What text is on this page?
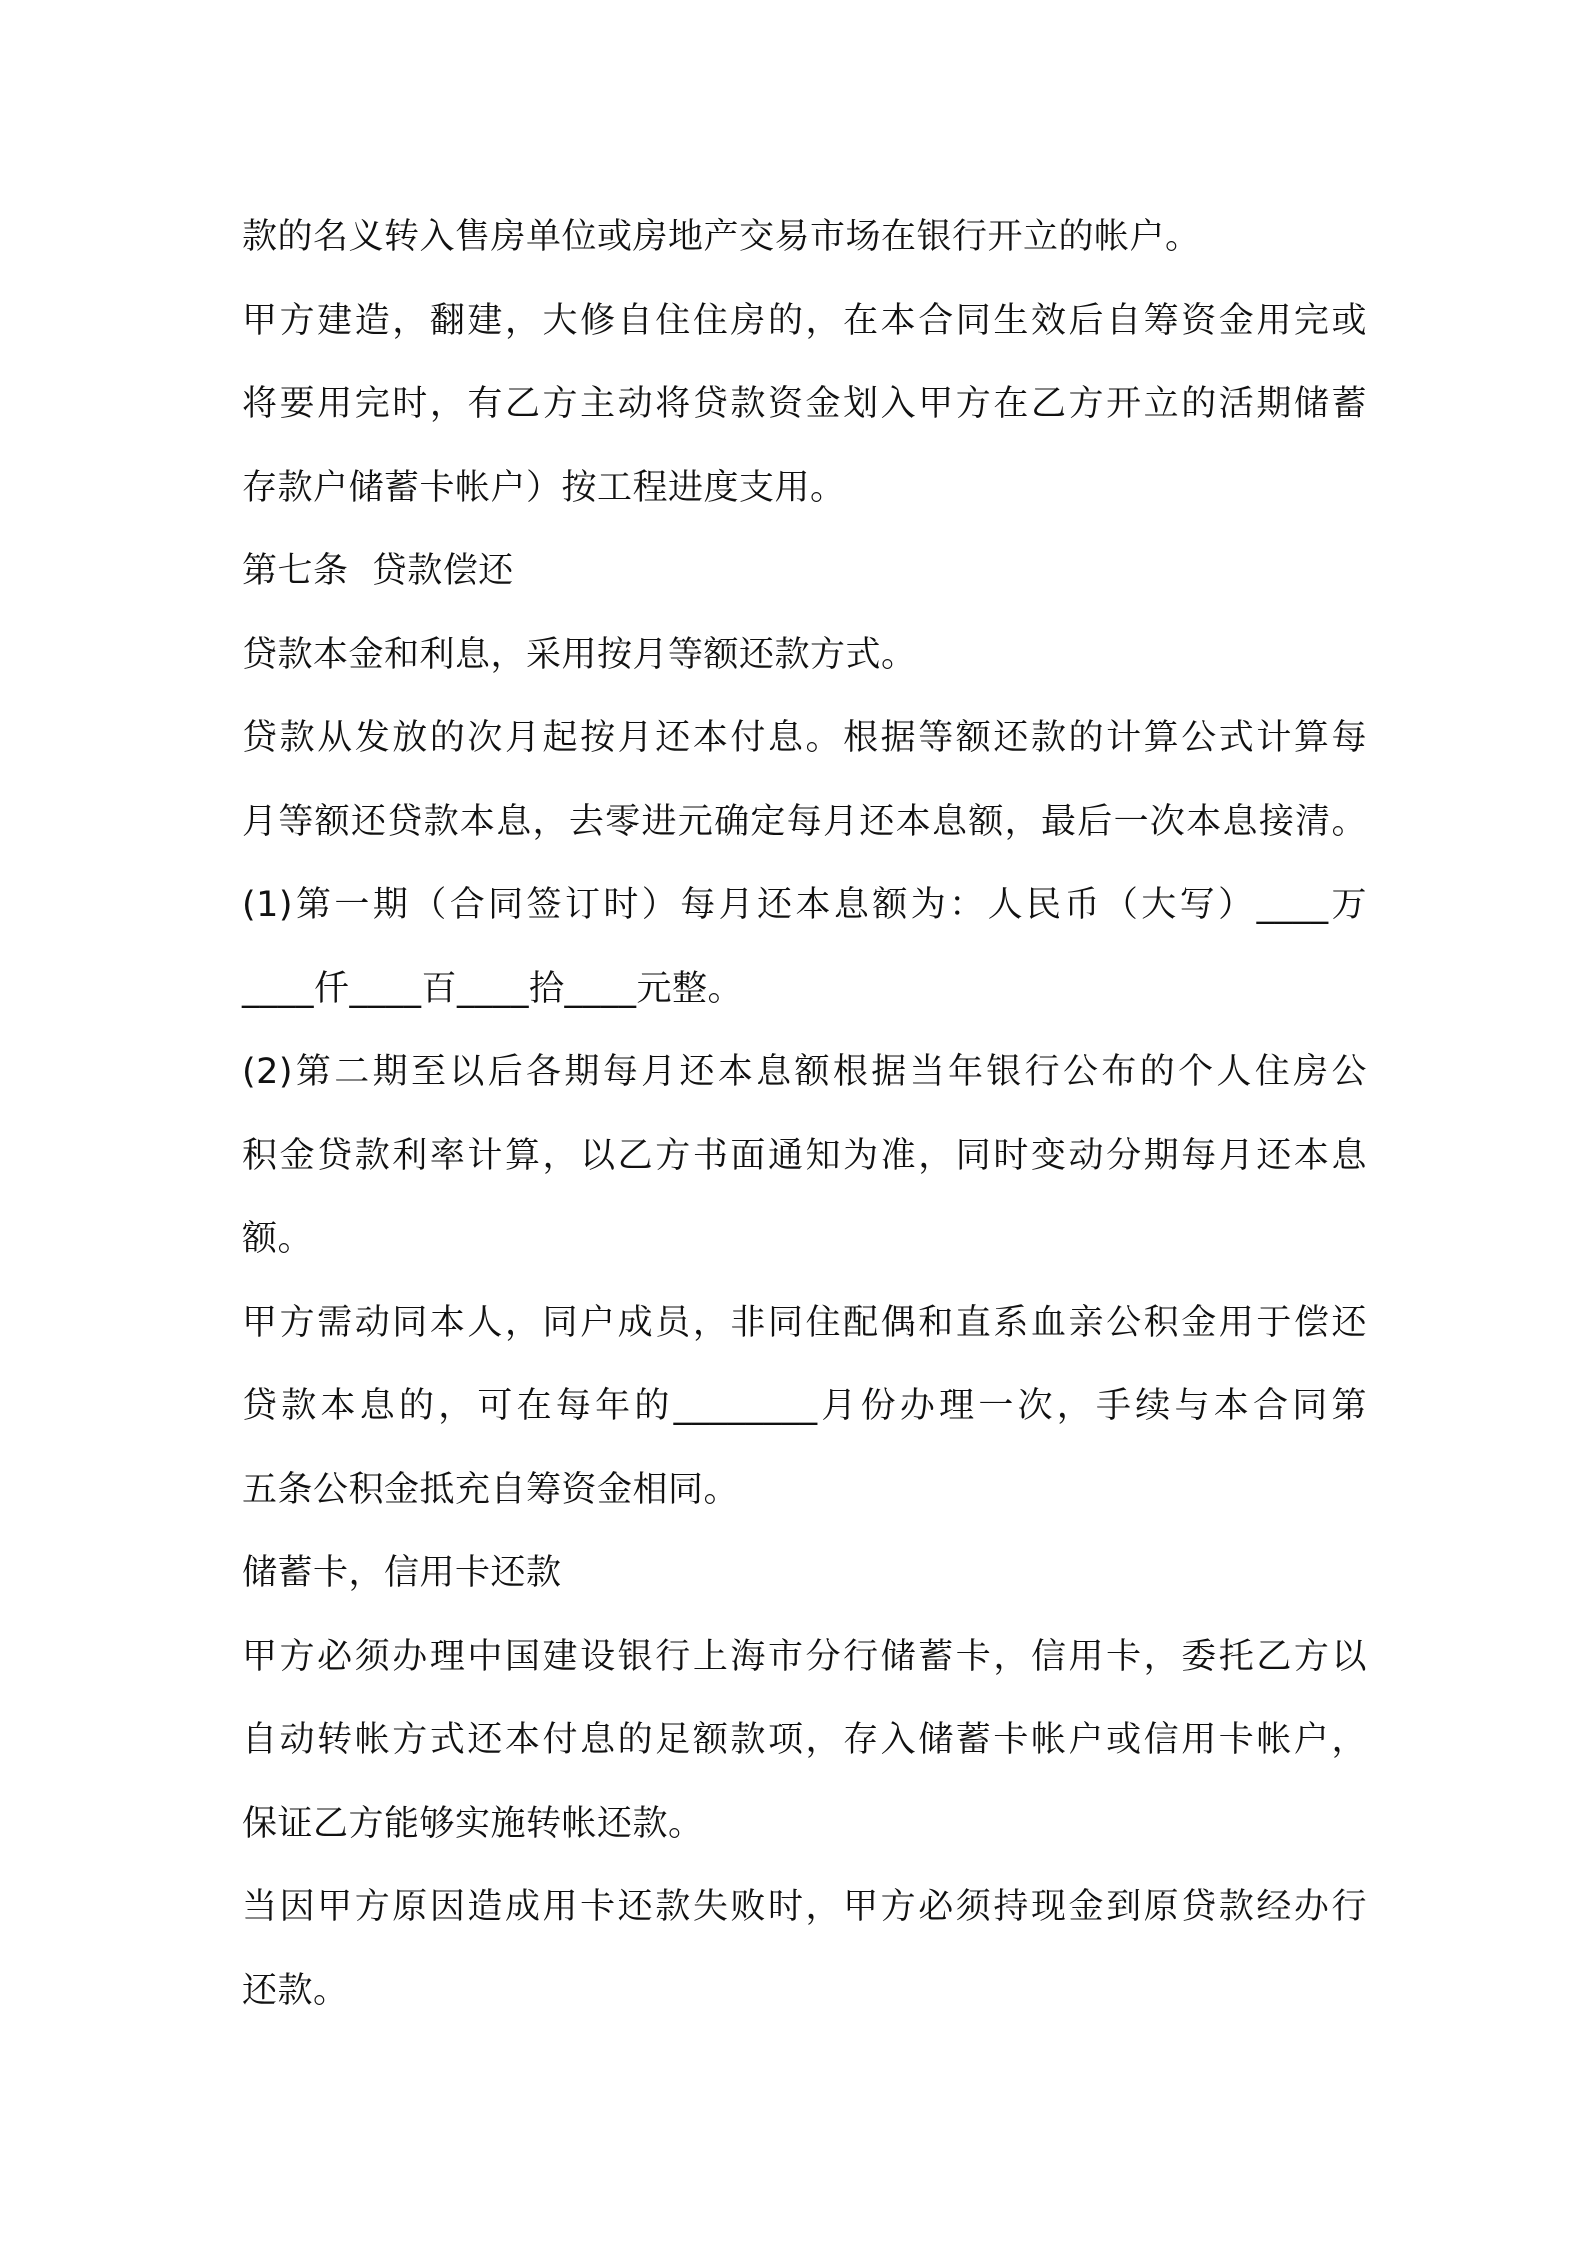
款的名义转入售房单位或房地产交易市场在银行开立的帐户。
甲方建造，翻建，大修自住住房的，在本合同生效后自筹资金用完或
将要用完时，有乙方主动将贷款资金划入甲方在乙方开立的活期储蓄
存款户储蓄卡帐户）按工程进度支用。
第七条  贷款偿还
贷款本金和利息，采用按月等额还款方式。
贷款从发放的次月起按月还本付息。根据等额还款的计算公式计算每
月等额还贷款本息，去零进元确定每月还本息额，最后一次本息接清。
(1)第一期（合同签订时）每月还本息额为：人民币（大写）____万
____仟____百____拾____元整。
(2)第二期至以后各期每月还本息额根据当年银行公布的个人住房公
积金贷款利率计算，以乙方书面通知为准，同时变动分期每月还本息
额。
甲方需动同本人，同户成员，非同住配偶和直系血亲公积金用于偿还
贷款本息的，可在每年的________月份办理一次，手续与本合同第
五条公积金抵充自筹资金相同。
储蓄卡，信用卡还款
甲方必须办理中国建设银行上海市分行储蓄卡，信用卡，委托乙方以
自动转帐方式还本付息的足额款项，存入储蓄卡帐户或信用卡帐户，
保证乙方能够实施转帐还款。
当因甲方原因造成用卡还款失败时，甲方必须持现金到原贷款经办行
还款。
